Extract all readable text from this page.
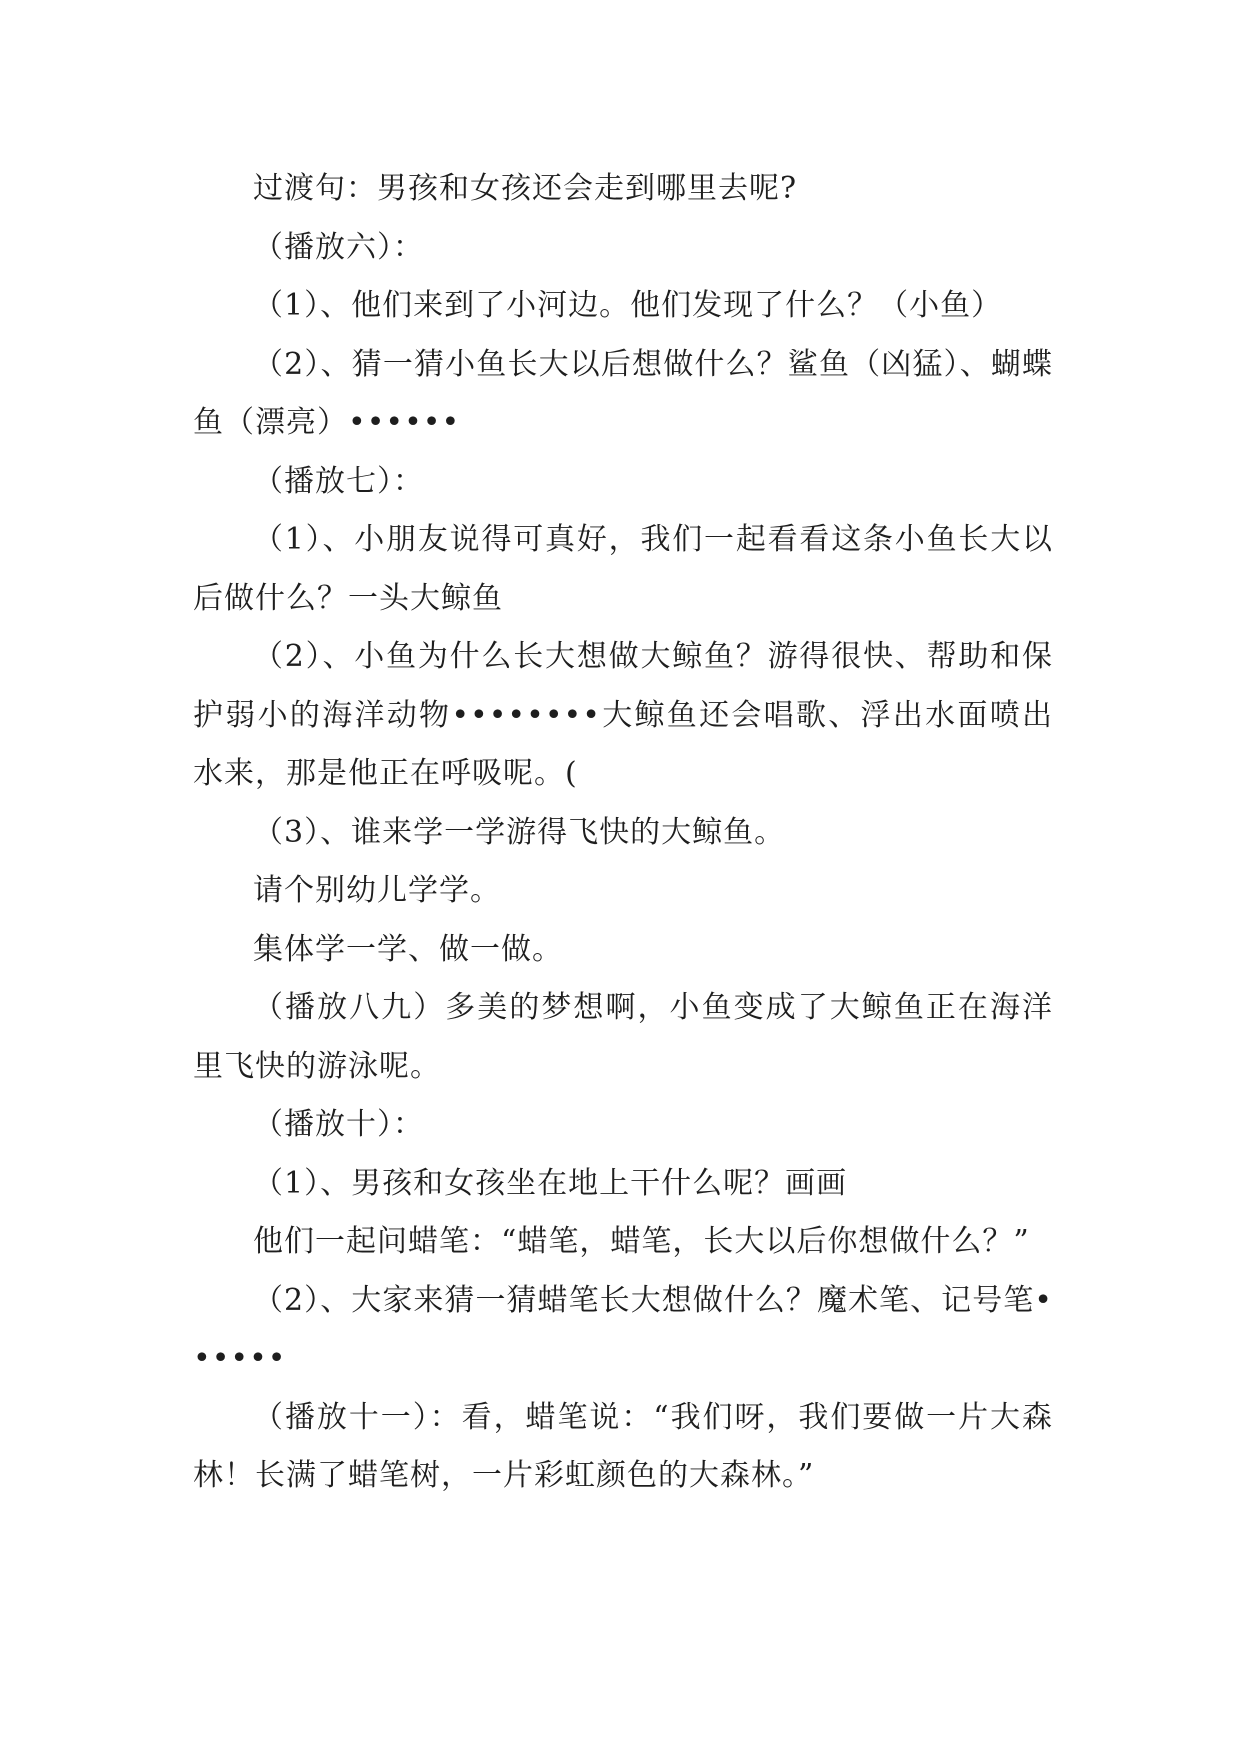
过渡句：男孩和女孩还会走到哪里去呢?

（播放六）：

（1）、他们来到了小河边。他们发现了什么？（小鱼）

（2）、猜一猜小鱼长大以后想做什么？鲨鱼（凶猛）、蝴蝶鱼（漂亮）••••••

（播放七）：

（1）、小朋友说得可真好，我们一起看看这条小鱼长大以后做什么？一头大鲸鱼

（2）、小鱼为什么长大想做大鲸鱼？游得很快、帮助和保护弱小的海洋动物••••••••大鲸鱼还会唱歌、浮出水面喷出水来，那是他正在呼吸呢。(

（3）、谁来学一学游得飞快的大鲸鱼。

请个别幼儿学学。

集体学一学、做一做。

（播放八九）多美的梦想啊，小鱼变成了大鲸鱼正在海洋里飞快的游泳呢。

（播放十）：

（1）、男孩和女孩坐在地上干什么呢？画画

他们一起问蜡笔：“蜡笔，蜡笔，长大以后你想做什么？”

（2）、大家来猜一猜蜡笔长大想做什么？魔术笔、记号笔••••••

（播放十一）：看，蜡笔说：“我们呀，我们要做一片大森林！长满了蜡笔树，一片彩虹颜色的大森林。”
